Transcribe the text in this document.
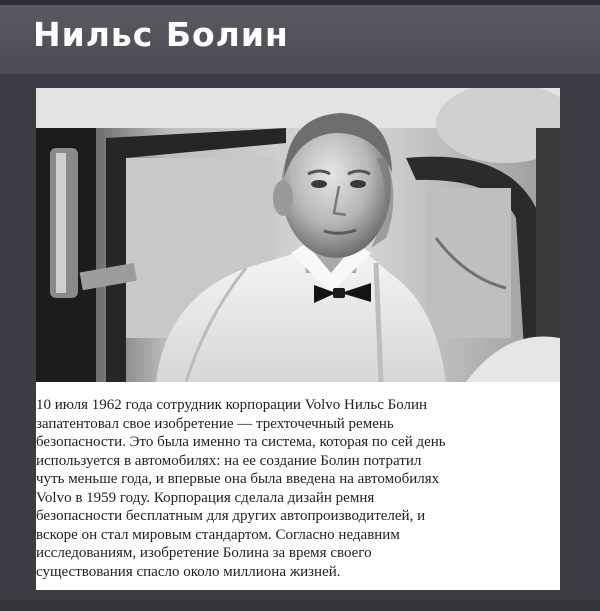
Нильс Болин

10 июля 1962 года сотрудник корпорации Volvo Нильс Болин
запатентовал свое изобретение — трехточечный ремень
безопасности. Это была именно та система, которая по сей день
используется в автомобилях: на ее создание Болин потратил
чуть меньше года, и впервые она была введена на автомобилях
Volvo в 1959 году. Корпорация сделала дизайн ремня
безопасности бесплатным для других автопроизводителей, и
вскоре он стал мировым стандартом. Согласно недавним
исследованиям, изобретение Болина за время своего
существования спасло около миллиона жизней.
